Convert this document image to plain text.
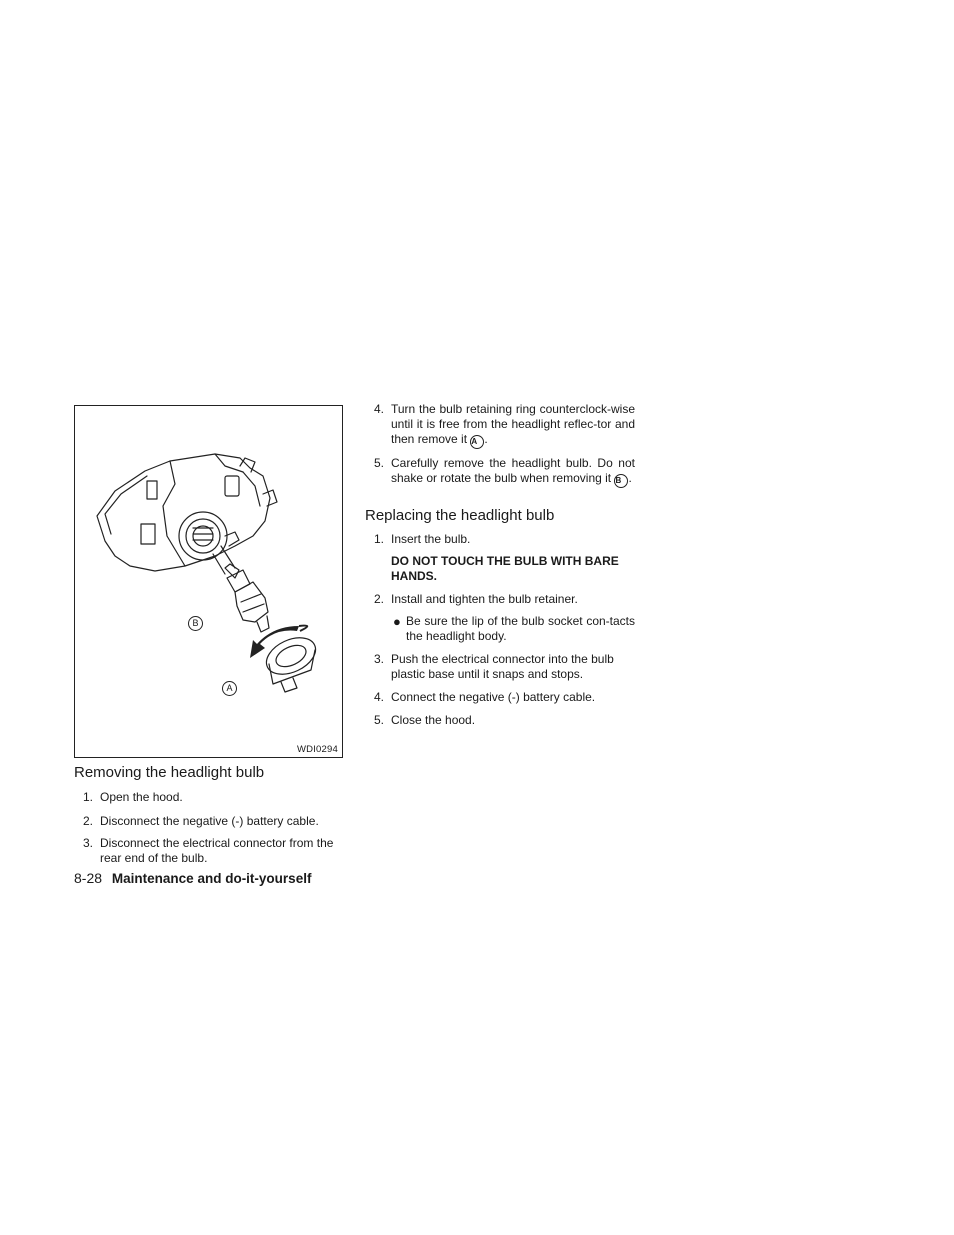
B
A
WDI0294
Removing the headlight bulb
1. Open the hood.
2. Disconnect the negative (-) battery cable.
3. Disconnect the electrical connector from the rear end of the bulb.
4. Turn the bulb retaining ring counterclock-wise until it is free from the headlight reflec-tor and then remove it A .
5. Carefully remove the headlight bulb. Do not shake or rotate the bulb when removing it B .
Replacing the headlight bulb
1. Insert the bulb.
DO NOT TOUCH THE BULB WITH BARE HANDS.
2. Install and tighten the bulb retainer.
● Be sure the lip of the bulb socket con-tacts the headlight body.
3. Push the electrical connector into the bulb plastic base until it snaps and stops.
4. Connect the negative (-) battery cable.
5. Close the hood.
8-28 Maintenance and do-it-yourself
